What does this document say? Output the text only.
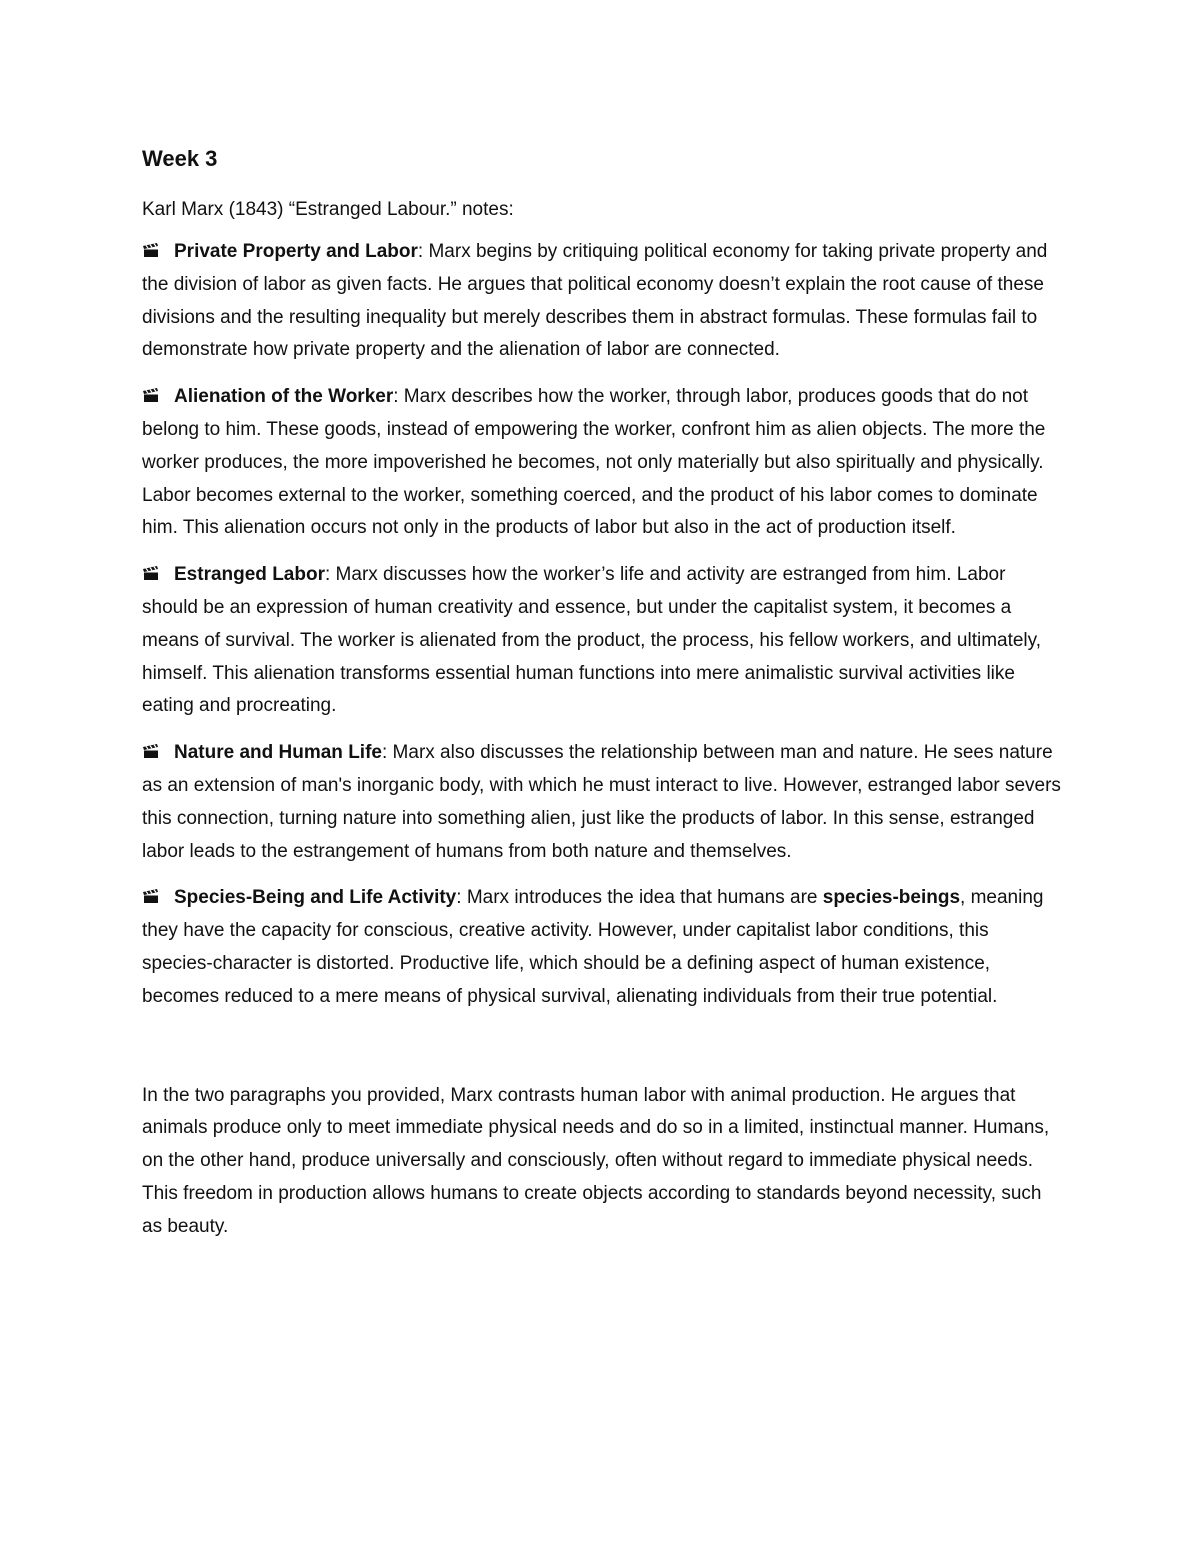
Week 3

Karl Marx (1843) “Estranged Labour.” notes:

Private Property and Labor: Marx begins by critiquing political economy for taking private property and the division of labor as given facts. He argues that political economy doesn’t explain the root cause of these divisions and the resulting inequality but merely describes them in abstract formulas. These formulas fail to demonstrate how private property and the alienation of labor are connected.

Alienation of the Worker: Marx describes how the worker, through labor, produces goods that do not belong to him. These goods, instead of empowering the worker, confront him as alien objects. The more the worker produces, the more impoverished he becomes, not only materially but also spiritually and physically. Labor becomes external to the worker, something coerced, and the product of his labor comes to dominate him. This alienation occurs not only in the products of labor but also in the act of production itself.

Estranged Labor: Marx discusses how the worker’s life and activity are estranged from him. Labor should be an expression of human creativity and essence, but under the capitalist system, it becomes a means of survival. The worker is alienated from the product, the process, his fellow workers, and ultimately, himself. This alienation transforms essential human functions into mere animalistic survival activities like eating and procreating.

Nature and Human Life: Marx also discusses the relationship between man and nature. He sees nature as an extension of man's inorganic body, with which he must interact to live. However, estranged labor severs this connection, turning nature into something alien, just like the products of labor. In this sense, estranged labor leads to the estrangement of humans from both nature and themselves.

Species-Being and Life Activity: Marx introduces the idea that humans are species-beings, meaning they have the capacity for conscious, creative activity. However, under capitalist labor conditions, this species-character is distorted. Productive life, which should be a defining aspect of human existence, becomes reduced to a mere means of physical survival, alienating individuals from their true potential.

In the two paragraphs you provided, Marx contrasts human labor with animal production. He argues that animals produce only to meet immediate physical needs and do so in a limited, instinctual manner. Humans, on the other hand, produce universally and consciously, often without regard to immediate physical needs. This freedom in production allows humans to create objects according to standards beyond necessity, such as beauty.
